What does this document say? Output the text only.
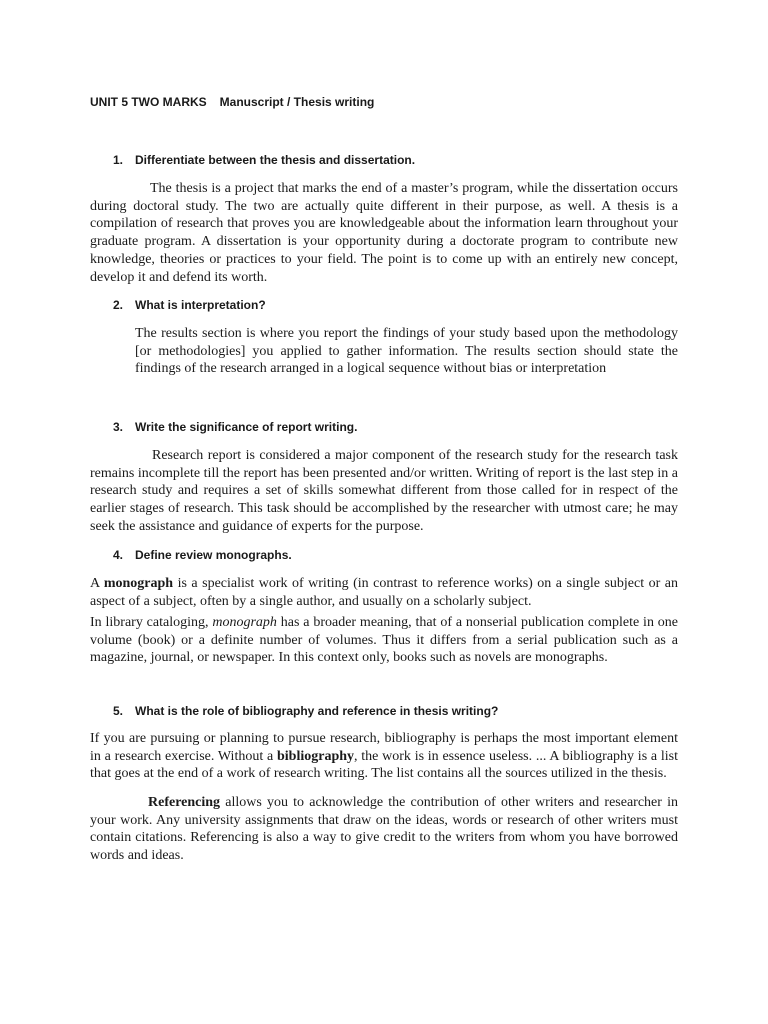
UNIT 5 TWO MARKS Manuscript / Thesis writing
1. Differentiate between the thesis and dissertation.

The thesis is a project that marks the end of a master’s program, while the dissertation occurs during doctoral study. The two are actually quite different in their purpose, as well. A thesis is a compilation of research that proves you are knowledgeable about the information learn throughout your graduate program. A dissertation is your opportunity during a doctorate program to contribute new knowledge, theories or practices to your field. The point is to come up with an entirely new concept, develop it and defend its worth.

2. What is interpretation?

The results section is where you report the findings of your study based upon the methodology [or methodologies] you applied to gather information. The results section should state the findings of the research arranged in a logical sequence without bias or interpretation

3. Write the significance of report writing.

Research report is considered a major component of the research study for the research task remains incomplete till the report has been presented and/or written. Writing of report is the last step in a research study and requires a set of skills somewhat different from those called for in respect of the earlier stages of research. This task should be accomplished by the researcher with utmost care; he may seek the assistance and guidance of experts for the purpose.

4. Define review monographs.

A monograph is a specialist work of writing (in contrast to reference works) on a single subject or an aspect of a subject, often by a single author, and usually on a scholarly subject.

In library cataloging, monograph has a broader meaning, that of a nonserial publication complete in one volume (book) or a definite number of volumes. Thus it differs from a serial publication such as a magazine, journal, or newspaper. In this context only, books such as novels are monographs.

5. What is the role of bibliography and reference in thesis writing?

If you are pursuing or planning to pursue research, bibliography is perhaps the most important element in a research exercise. Without a bibliography, the work is in essence useless. ... A bibliography is a list that goes at the end of a work of research writing. The list contains all the sources utilized in the thesis.

Referencing allows you to acknowledge the contribution of other writers and researcher in your work. Any university assignments that draw on the ideas, words or research of other writers must contain citations. Referencing is also a way to give credit to the writers from whom you have borrowed words and ideas.
